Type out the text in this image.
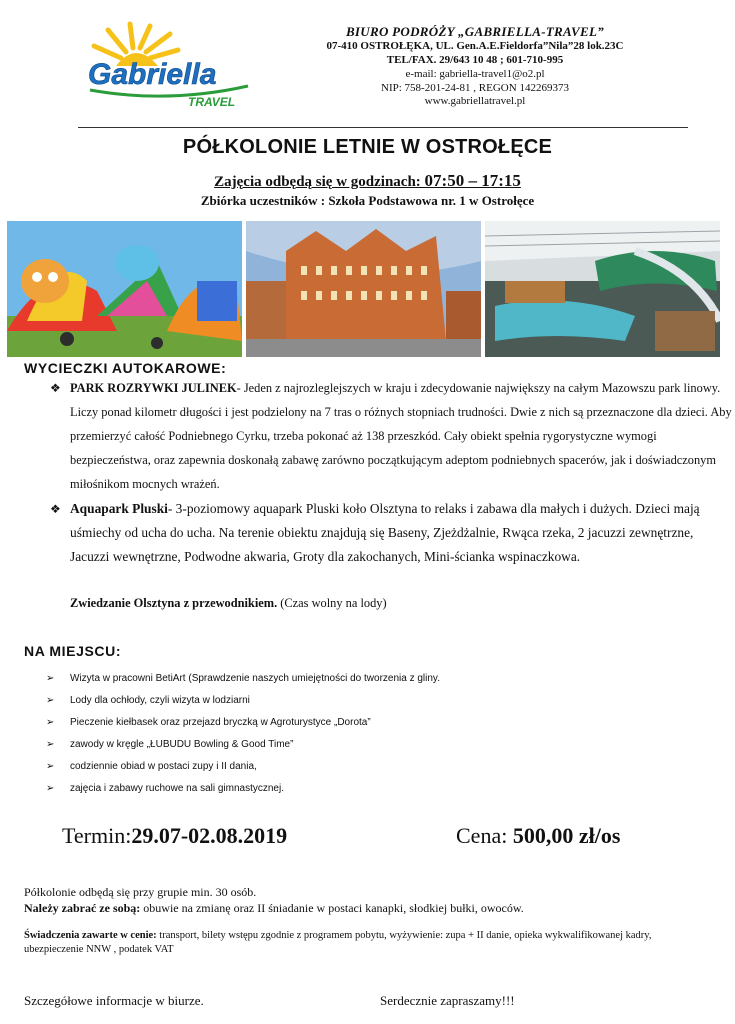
Gabriella
TRAVEL
BIURO PODRÓŻY „GABRIELLA-TRAVEL”
07-410 OSTROŁĘKA, UL. Gen.A.E.Fieldorfa”Nila”28 lok.23C
TEL/FAX. 29/643 10 48 ; 601-710-995
e-mail: gabriella-travel1@o2.pl
NIP: 758-201-24-81 , REGON 142269373
www.gabriellatravel.pl
PÓŁKOLONIE LETNIE W OSTROŁĘCE
Zajęcia odbędą się w godzinach: 07:50 – 17:15
Zbiórka uczestników : Szkoła Podstawowa nr. 1 w Ostrołęce
WYCIECZKI AUTOKAROWE:
❖ PARK ROZRYWKI JULINEK- Jeden z najrozleglejszych w kraju i zdecydowanie największy na całym Mazowszu park linowy. Liczy ponad kilometr długości i jest podzielony na 7 tras o różnych stopniach trudności. Dwie z nich są przeznaczone dla dzieci. Aby przemierzyć całość Podniebnego Cyrku, trzeba pokonać aż 138 przeszkód. Cały obiekt spełnia rygorystyczne wymogi bezpieczeństwa, oraz zapewnia doskonałą zabawę zarówno początkującym adeptom podniebnych spacerów, jak i doświadczonym miłośnikom mocnych wrażeń.
❖ Aquapark Pluski- 3-poziomowy aquapark Pluski koło Olsztyna to relaks i zabawa dla małych i dużych. Dzieci mają uśmiechy od ucha do ucha. Na terenie obiektu znajdują się Baseny, Zjeżdżalnie, Rwąca rzeka, 2 jacuzzi zewnętrzne, Jacuzzi wewnętrzne, Podwodne akwaria, Groty dla zakochanych, Mini-ścianka wspinaczkowa.
Zwiedzanie Olsztyna z przewodnikiem. (Czas wolny na lody)
NA MIEJSCU:
➢ Wizyta w pracowni BetiArt (Sprawdzenie naszych umiejętności do tworzenia z gliny.
➢ Lody dla ochłody, czyli wizyta w lodziarni
➢ Pieczenie kiełbasek oraz przejazd bryczką w Agroturystyce „Dorota”
➢ zawody w kręgle „ŁUBUDU Bowling & Good Time”
➢ codziennie obiad w postaci zupy i II dania,
➢ zajęcia i zabawy ruchowe na sali gimnastycznej.
Termin:29.07-02.08.2019	Cena: 500,00 zł/os
Półkolonie odbędą się przy grupie min. 30 osób.
Należy zabrać ze sobą: obuwie na zmianę oraz II śniadanie w postaci kanapki, słodkiej bułki, owoców.
Świadczenia zawarte w cenie: transport, bilety wstępu zgodnie z programem pobytu, wyżywienie: zupa + II danie, opieka wykwalifikowanej kadry, ubezpieczenie NNW , podatek VAT
Szczegółowe informacje w biurze.	Serdecznie zapraszamy!!!
